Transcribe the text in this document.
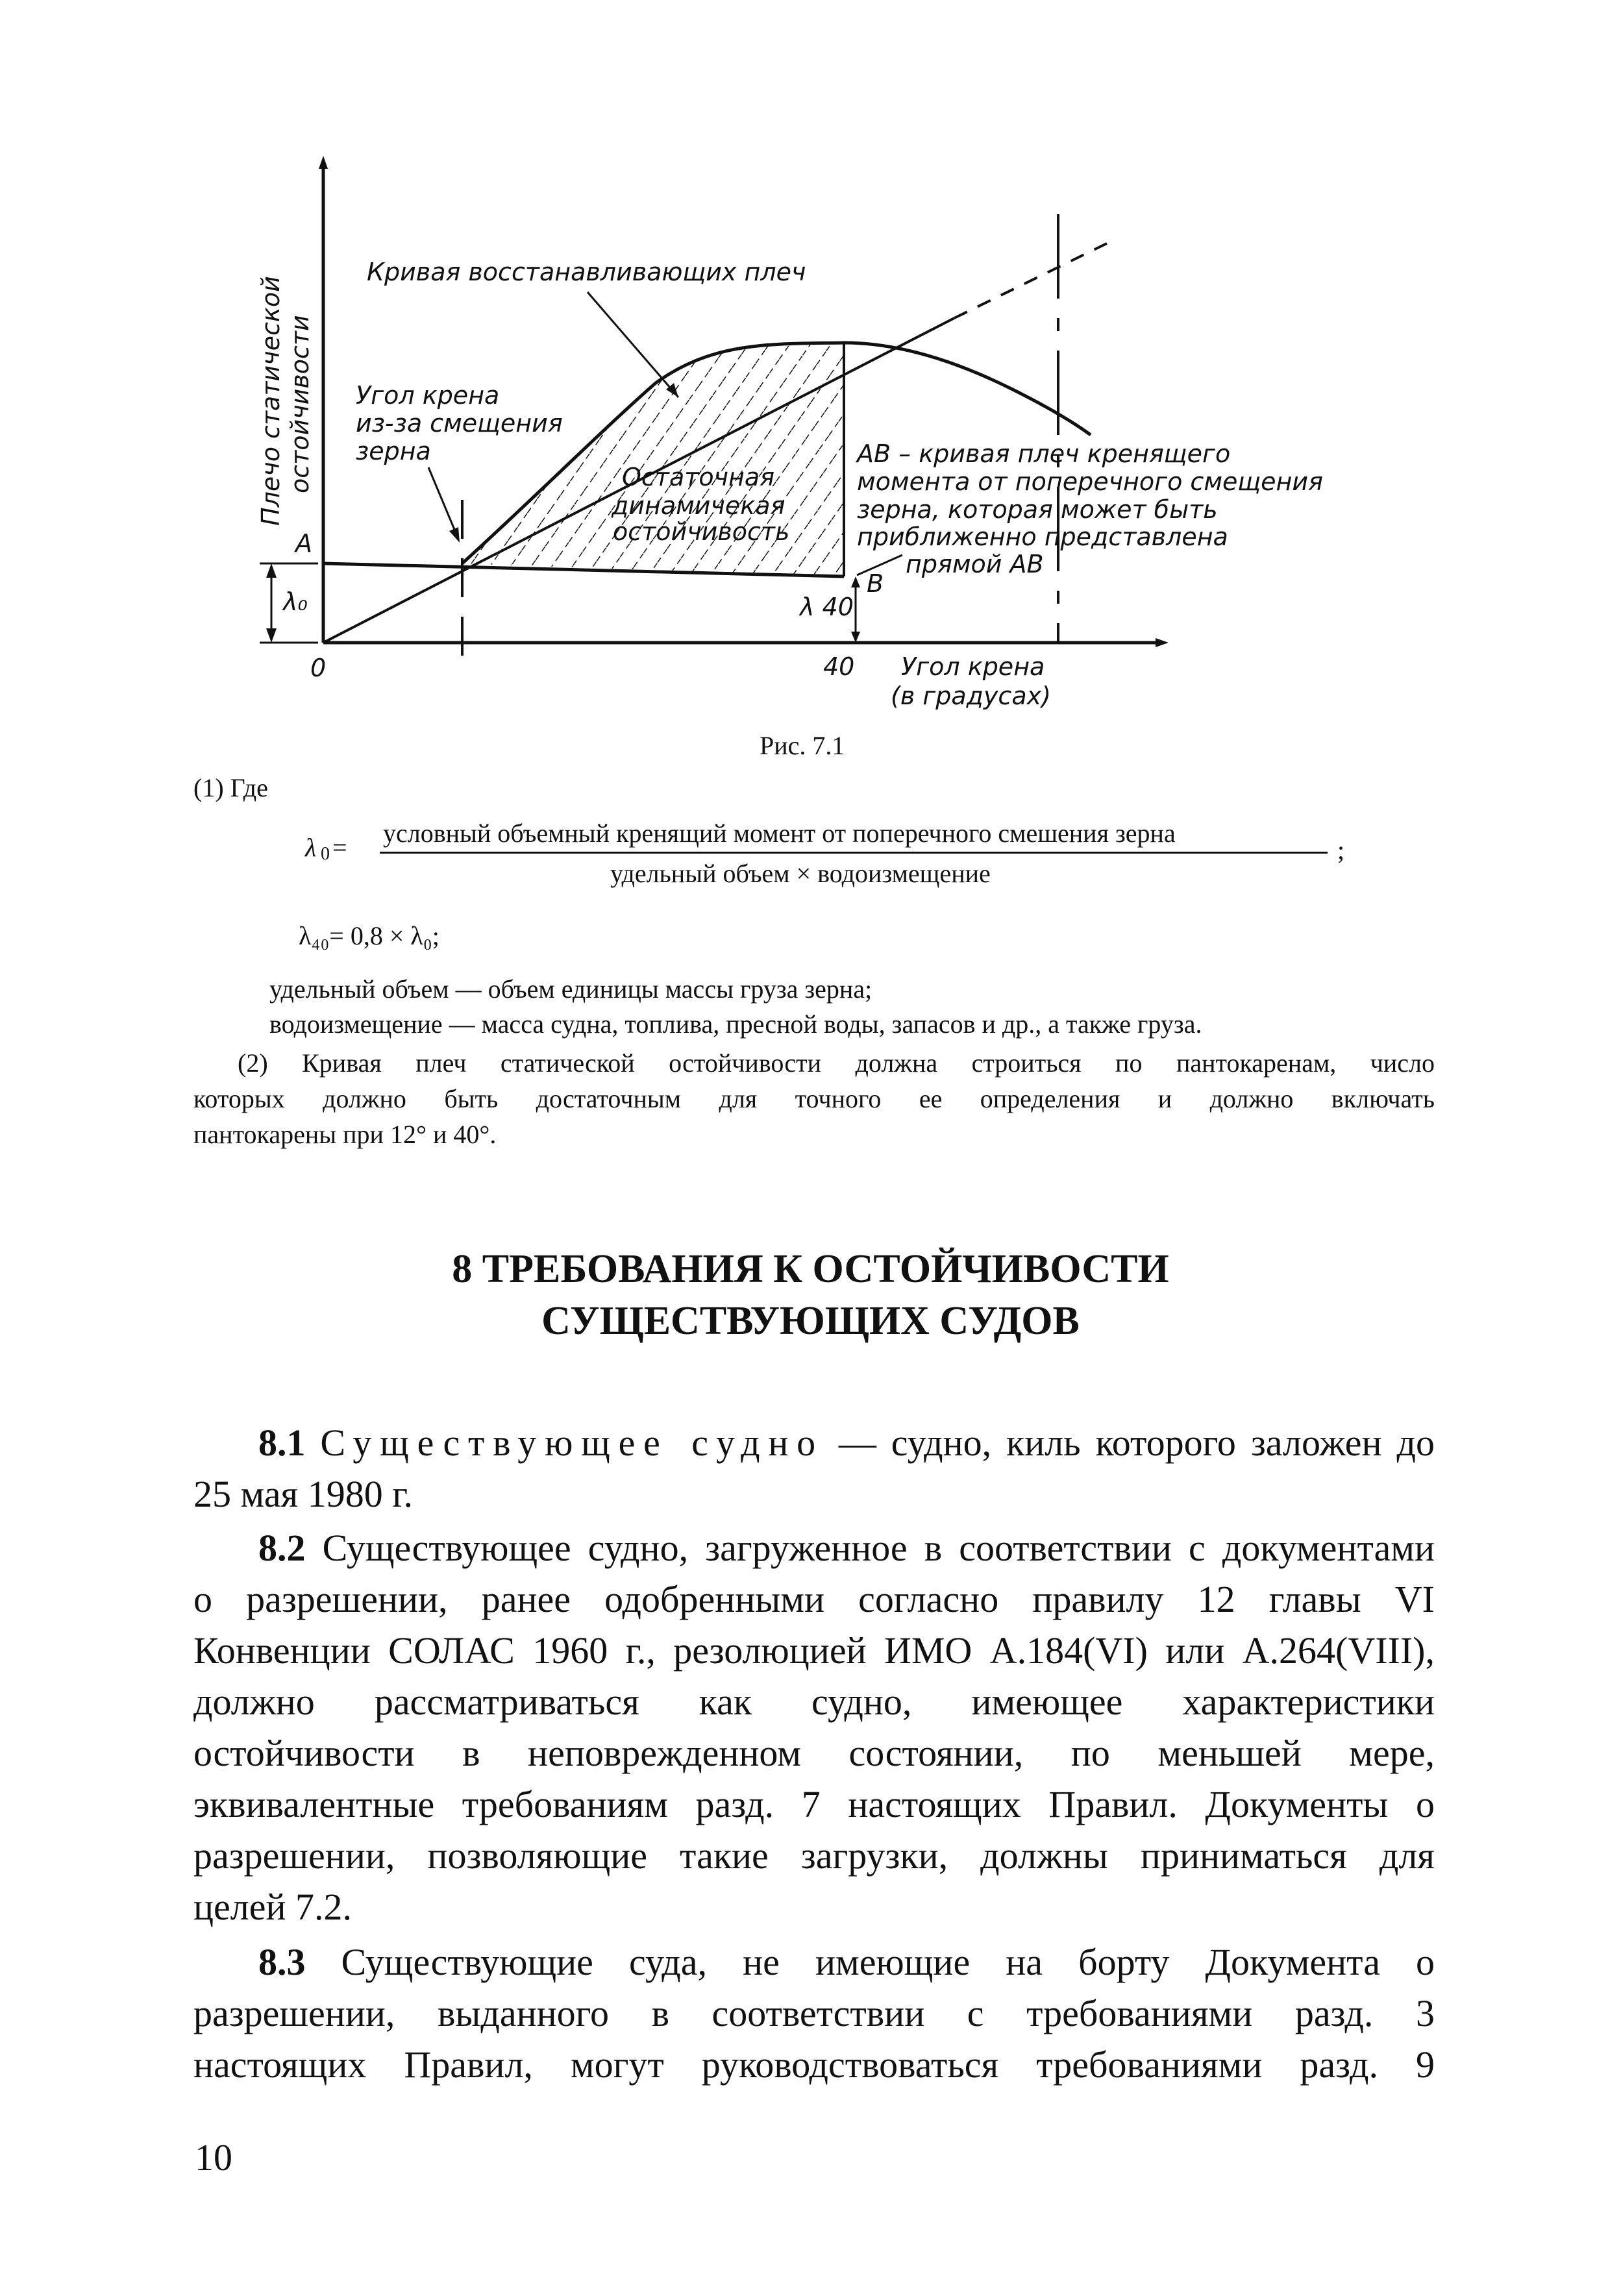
Плечо статической остойчивости
Кривая восстанавливающих плеч
Угол крена
из-за смещения
зерна
Остаточная
динамичекая
остойчивость
АВ – кривая плеч кренящего
момента от поперечного смещения
зерна, которая может быть
приближенно представлена
прямой АВ
A
B
λ₀	λ 40
0	40 Угол крена
(в градусах)
Рис. 7.1
(1) Где
λ 0 = условный объемный кренящий момент от поперечного смешения зерна
удельный объем × водоизмещение
;
λ₄₀= 0,8 × λ₀;
удельный объем — объем единицы массы груза зерна;
водоизмещение — масса судна, топлива, пресной воды, запасов и др., а также груза.
(2) Кривая плеч статической остойчивости должна строиться по пантокаренам, число
которых должно быть достаточным для точного ее определения и должно включать
пантокарены при 12° и 40°.
8 ТРЕБОВАНИЯ К ОСТОЙЧИВОСТИ
СУЩЕСТВУЮЩИХ СУДОВ
8.1 Существующее судно — судно, киль которого заложен до
25 мая 1980 г.
8.2 Существующее судно, загруженное в соответствии с документами
о разрешении, ранее одобренными согласно правилу 12 главы VI
Конвенции СОЛАС 1960 г., резолюцией ИМО А.184(VI) или А.264(VIII),
должно рассматриваться как судно, имеющее характеристики
остойчивости в неповрежденном состоянии, по меньшей мере,
эквивалентные требованиям разд. 7 настоящих Правил. Документы о
разрешении, позволяющие такие загрузки, должны приниматься для
целей 7.2.
8.3 Существующие суда, не имеющие на борту Документа о
разрешении, выданного в соответствии с требованиями разд. 3
настоящих Правил, могут руководствоваться требованиями разд. 9
10
